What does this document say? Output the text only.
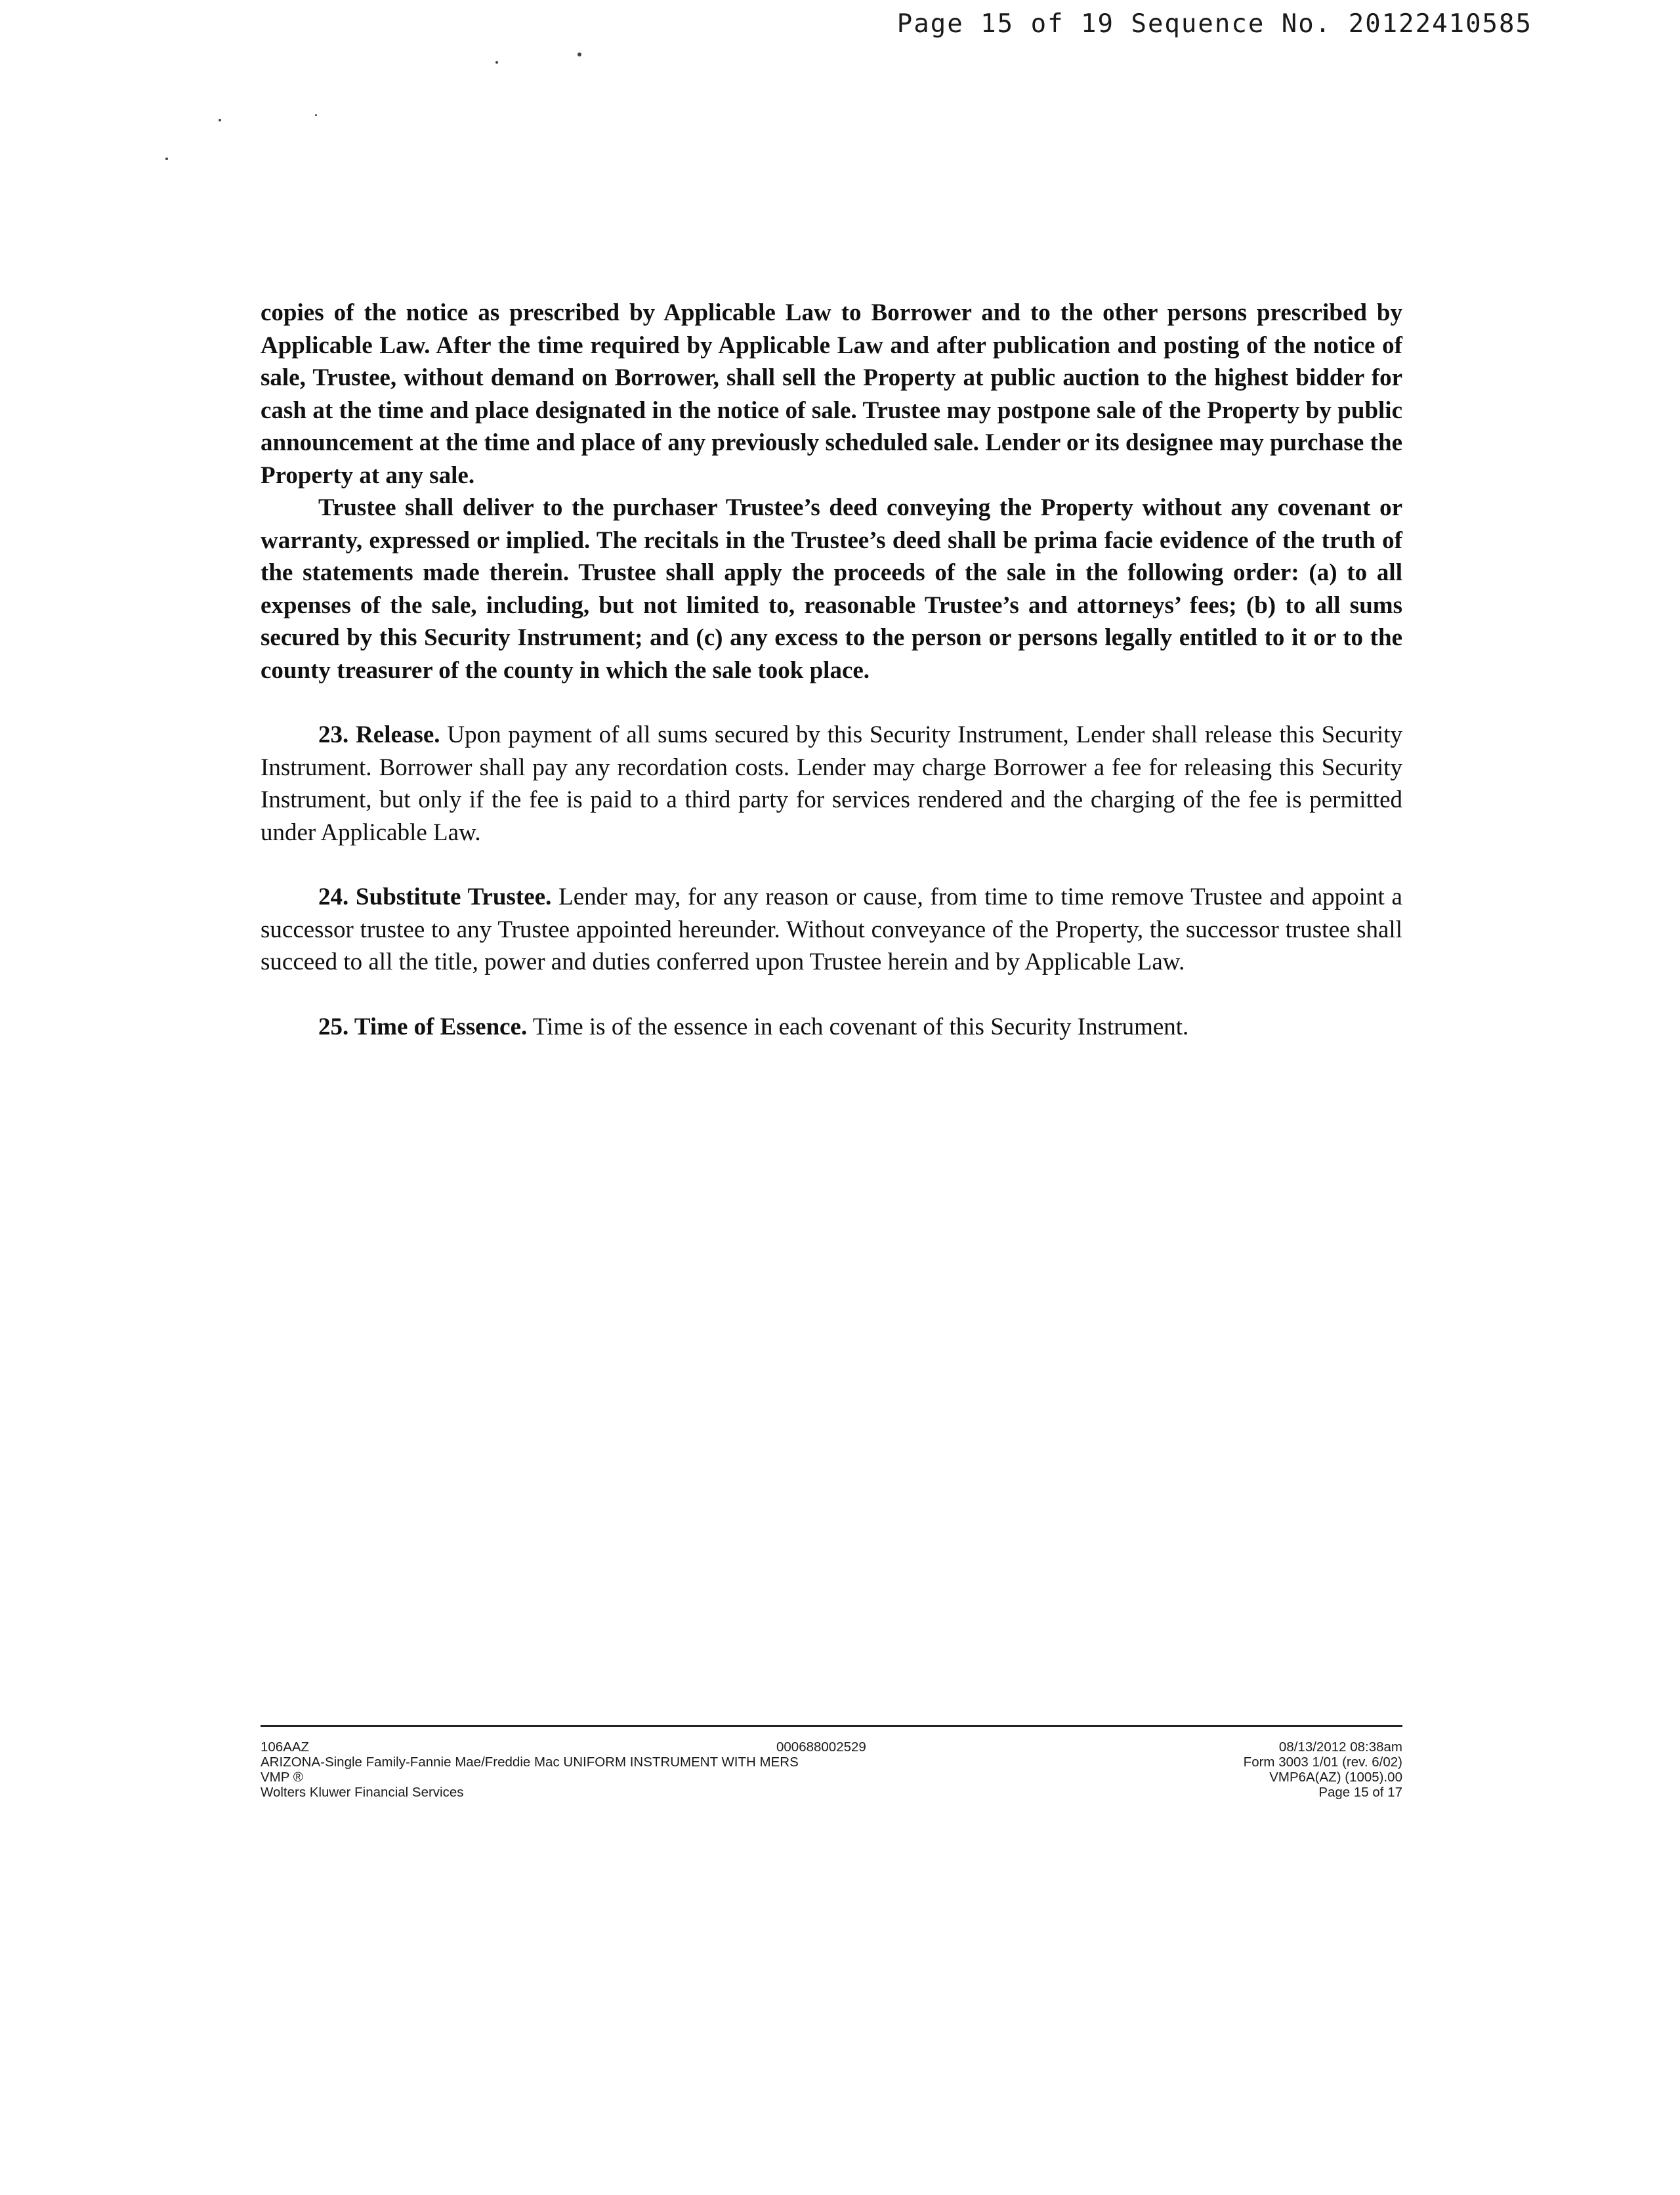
Page 15 of 19 Sequence No. 20122410585

copies of the notice as prescribed by Applicable Law to Borrower and to the other persons prescribed by Applicable Law. After the time required by Applicable Law and after publication and posting of the notice of sale, Trustee, without demand on Borrower, shall sell the Property at public auction to the highest bidder for cash at the time and place designated in the notice of sale. Trustee may postpone sale of the Property by public announcement at the time and place of any previously scheduled sale. Lender or its designee may purchase the Property at any sale.

Trustee shall deliver to the purchaser Trustee’s deed conveying the Property without any covenant or warranty, expressed or implied. The recitals in the Trustee’s deed shall be prima facie evidence of the truth of the statements made therein. Trustee shall apply the proceeds of the sale in the following order: (a) to all expenses of the sale, including, but not limited to, reasonable Trustee’s and attorneys’ fees; (b) to all sums secured by this Security Instrument; and (c) any excess to the person or persons legally entitled to it or to the county treasurer of the county in which the sale took place.

23. Release. Upon payment of all sums secured by this Security Instrument, Lender shall release this Security Instrument. Borrower shall pay any recordation costs. Lender may charge Borrower a fee for releasing this Security Instrument, but only if the fee is paid to a third party for services rendered and the charging of the fee is permitted under Applicable Law.

24. Substitute Trustee. Lender may, for any reason or cause, from time to time remove Trustee and appoint a successor trustee to any Trustee appointed hereunder. Without conveyance of the Property, the successor trustee shall succeed to all the title, power and duties conferred upon Trustee herein and by Applicable Law.

25. Time of Essence. Time is of the essence in each covenant of this Security Instrument.

106AAZ
ARIZONA-Single Family-Fannie Mae/Freddie Mac UNIFORM INSTRUMENT WITH MERS
VMP ®
Wolters Kluwer Financial Services
000688002529	08/13/2012 08:38am
Form 3003 1/01 (rev. 6/02)
VMP6A(AZ) (1005).00
Page 15 of 17
